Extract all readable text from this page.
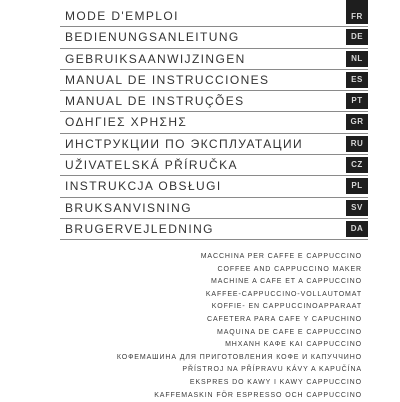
MODE D'EMPLOI	FR
BEDIENUNGSANLEITUNG	DE
GEBRUIKSAANWIJZINGEN	NL
MANUAL DE INSTRUCCIONES	ES
MANUAL DE INSTRUÇÕES	PT
ΟΔΗΓΙΕΣ ΧΡΗΣΗΣ	GR
ИНСТРУКЦИИ ПО ЭКСПЛУАТАЦИИ	RU
UŽIVATELSKÁ PŘÍRUČKA	CZ
INSTRUKCJA OBSŁUGI	PL
BRUKSANVISNING	SV
BRUGERVEJLEDNING	DA
MACCHINA PER CAFFE E CAPPUCCINO
COFFEE AND CAPPUCCINO MAKER
MACHINE A CAFE ET A CAPPUCCINO
KAFFEE-CAPPUCCINO-VOLLAUTOMAT
KOFFIE- EN CAPPUCCINOAPPARAAT
CAFETERA PARA CAFE Y CAPUCHINO
MAQUINA DE CAFE E CAPPUCCINO
ΜΗΧΑΝΗ ΚΑΦΕ ΚΑΙ CAPPUCCINO
КОФЕМАШИНА ДЛЯ ПРИГОТОВЛЕНИЯ КОФЕ И КАПУЧЧИНО
PŘÍSTROJ NA PŘÍPRAVU KÁVY A KAPUČÍNA
EKSPRES DO KAWY I KAWY CAPPUCCINO
KAFFEMASKIN FÖR ESPRESSO OCH CAPPUCCINO
